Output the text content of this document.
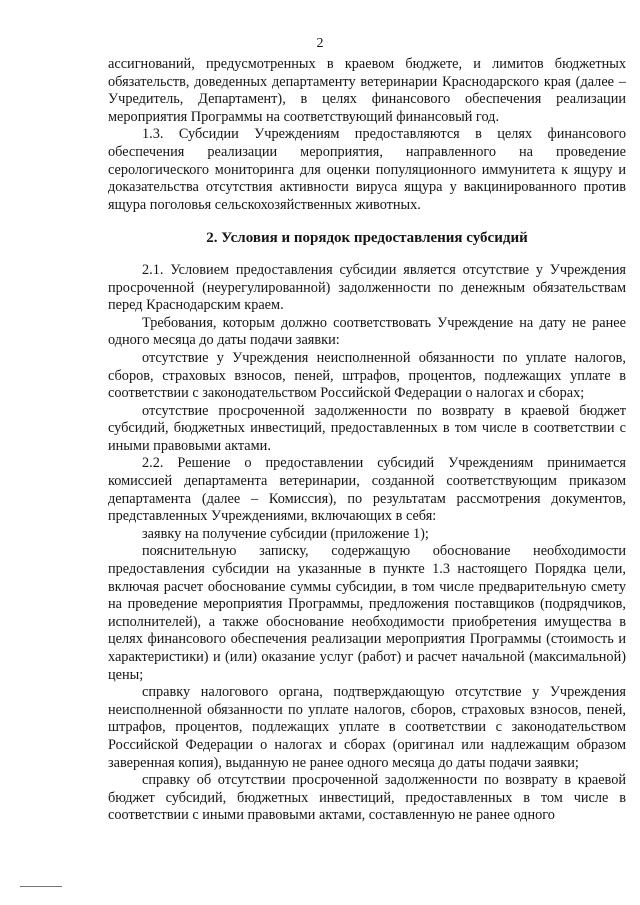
2

ассигнований, предусмотренных в краевом бюджете, и лимитов бюджетных обязательств, доведенных департаменту ветеринарии Краснодарского края (далее – Учредитель, Департамент), в целях финансового обеспечения реализации мероприятия Программы на соответствующий финансовый год.

1.3. Субсидии Учреждениям предоставляются в целях финансового обеспечения реализации мероприятия, направленного на проведение серологического мониторинга для оценки популяционного иммунитета к ящуру и доказательства отсутствия активности вируса ящура у вакцинированного против ящура поголовья сельскохозяйственных животных.

2. Условия и порядок предоставления субсидий

2.1. Условием предоставления субсидии является отсутствие у Учреждения просроченной (неурегулированной) задолженности по денежным обязательствам перед Краснодарским краем.

Требования, которым должно соответствовать Учреждение на дату не ранее одного месяца до даты подачи заявки:

отсутствие у Учреждения неисполненной обязанности по уплате налогов, сборов, страховых взносов, пеней, штрафов, процентов, подлежащих уплате в соответствии с законодательством Российской Федерации о налогах и сборах;

отсутствие просроченной задолженности по возврату в краевой бюджет субсидий, бюджетных инвестиций, предоставленных в том числе в соответствии с иными правовыми актами.

2.2. Решение о предоставлении субсидий Учреждениям принимается комиссией департамента ветеринарии, созданной соответствующим приказом департамента (далее – Комиссия), по результатам рассмотрения документов, представленных Учреждениями, включающих в себя:

заявку на получение субсидии (приложение 1);

пояснительную записку, содержащую обоснование необходимости предоставления субсидии на указанные в пункте 1.3 настоящего Порядка цели, включая расчет обоснование суммы субсидии, в том числе предварительную смету на проведение мероприятия Программы, предложения поставщиков (подрядчиков, исполнителей), а также обоснование необходимости приобретения имущества в целях финансового обеспечения реализации мероприятия Программы (стоимость и характеристики) и (или) оказание услуг (работ) и расчет начальной (максимальной) цены;

справку налогового органа, подтверждающую отсутствие у Учреждения неисполненной обязанности по уплате налогов, сборов, страховых взносов, пеней, штрафов, процентов, подлежащих уплате в соответствии с законодательством Российской Федерации о налогах и сборах (оригинал или надлежащим образом заверенная копия), выданную не ранее одного месяца до даты подачи заявки;

справку об отсутствии просроченной задолженности по возврату в краевой бюджет субсидий, бюджетных инвестиций, предоставленных в том числе в соответствии с иными правовыми актами, составленную не ранее одного
